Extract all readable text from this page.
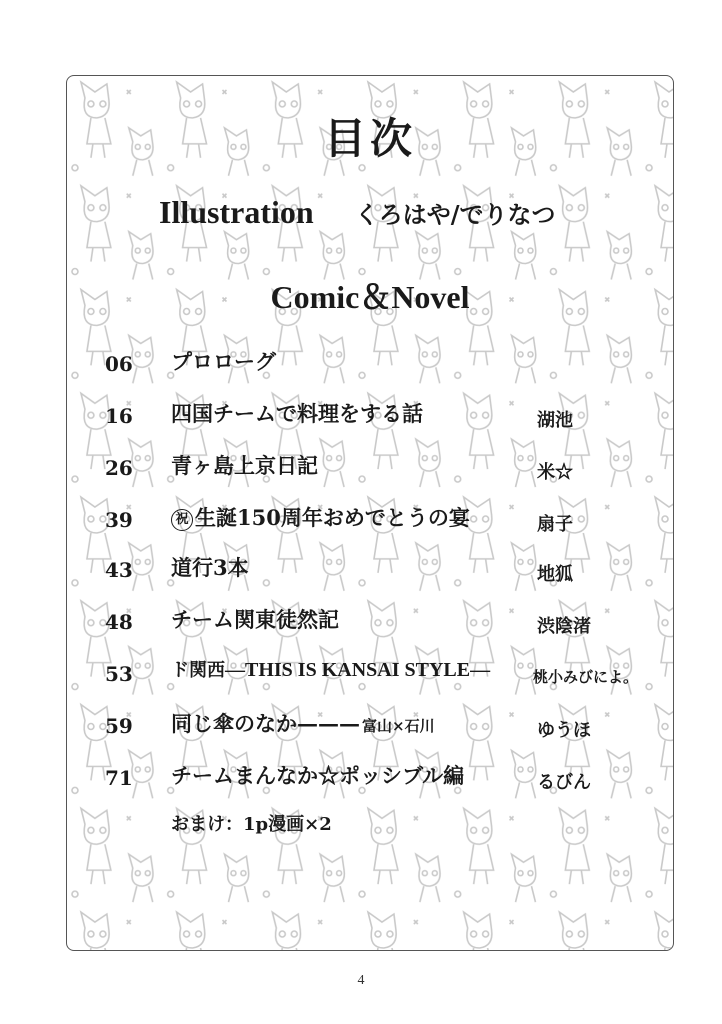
目次
Illustration くろはや/でりなつ
Comic＆Novel
06 プロローグ
16 四国チームで料理をする話	湖池
26 青ヶ島上京日記	米☆
39	祝 生誕150周年おめでとうの宴	扇子
43 道行3本	地狐
48 チーム関東徒然記	渋陰渚
53 ド関西—THIS IS KANSAI STYLE—	桃小みびによ。
59 同じ傘のなか——— 富山×石川	ゆうほ
71 チームまんなか☆ポッシブル編	るびん
おまけ：1p漫画×2
4
